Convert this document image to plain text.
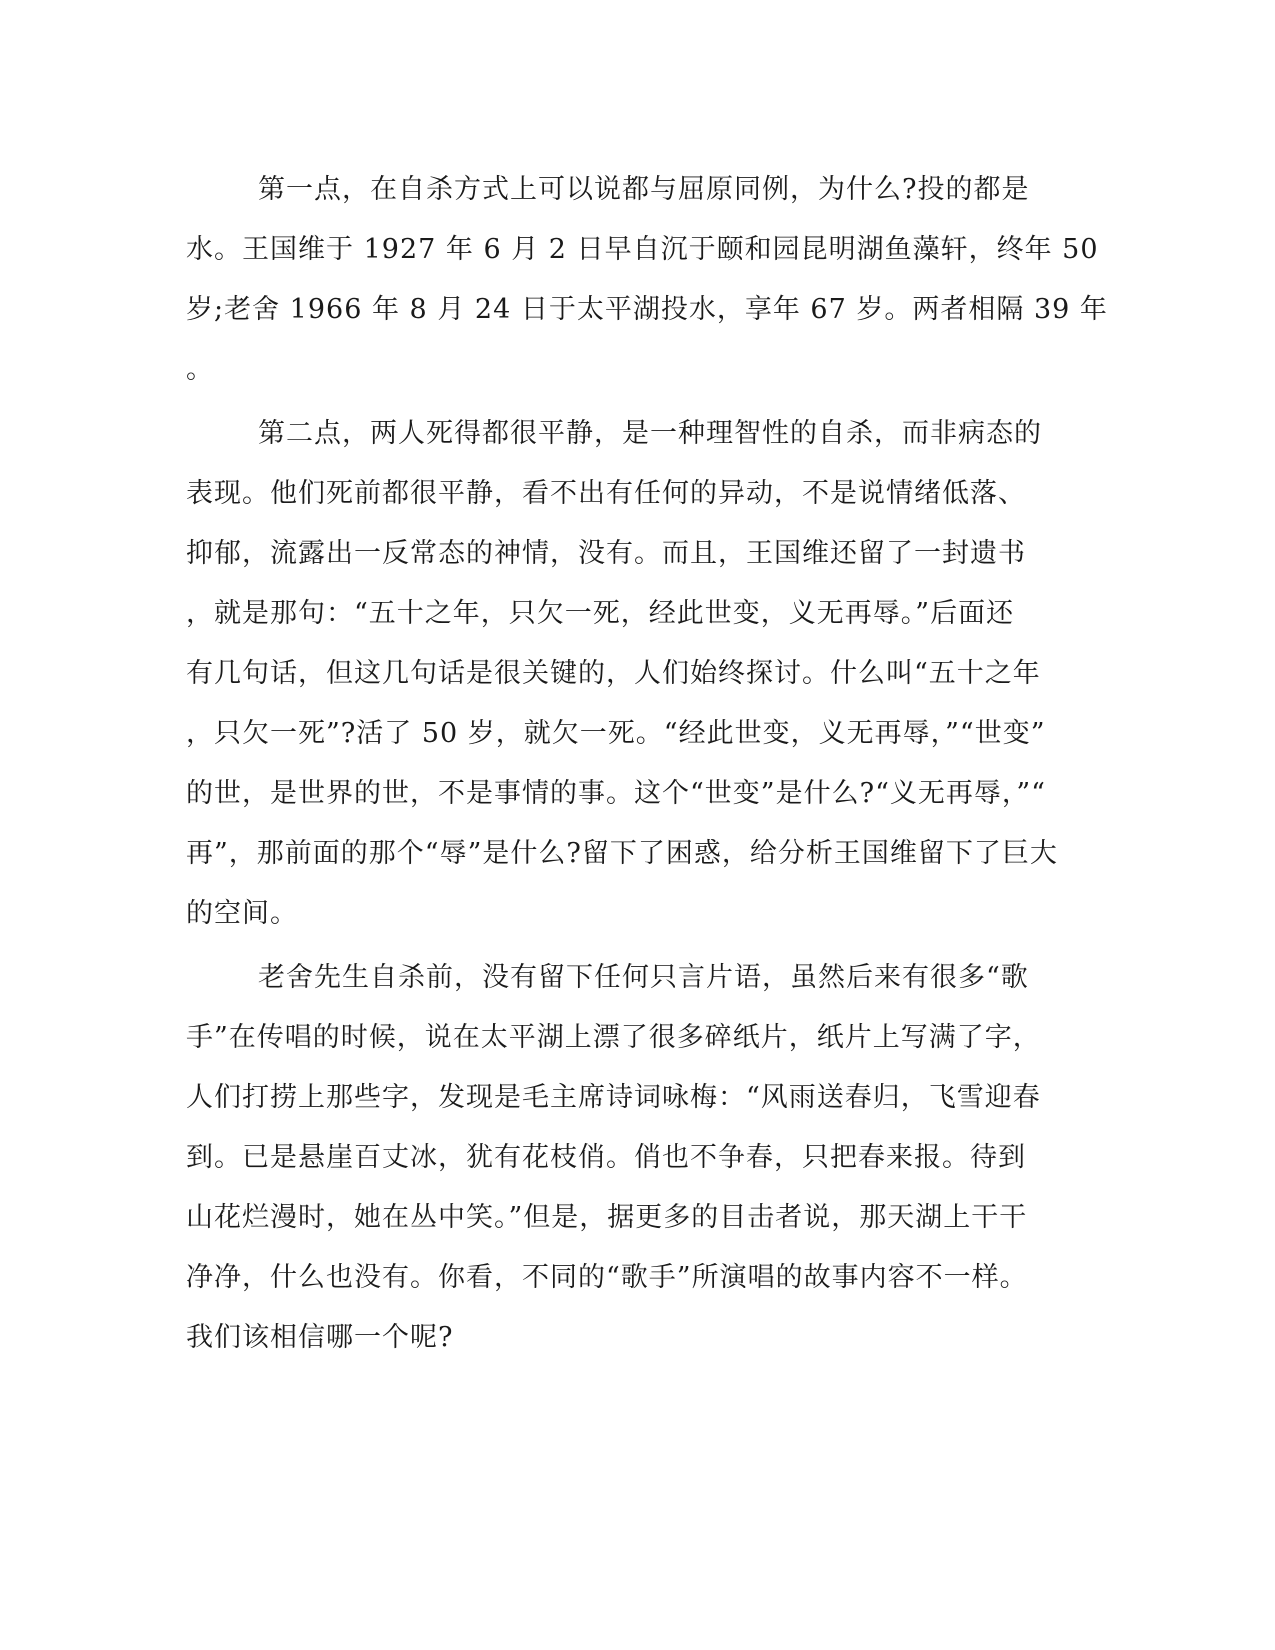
第一点，在自杀方式上可以说都与屈原同例，为什么?投的都是
水。王国维于 1927 年 6 月 2 日早自沉于颐和园昆明湖鱼藻轩，终年 50
岁;老舍 1966 年 8 月 24 日于太平湖投水，享年 67 岁。两者相隔 39 年
。
第二点，两人死得都很平静，是一种理智性的自杀，而非病态的
表现。他们死前都很平静，看不出有任何的异动，不是说情绪低落、
抑郁，流露出一反常态的神情，没有。而且，王国维还留了一封遗书
，就是那句：“五十之年，只欠一死，经此世变，义无再辱。”后面还
有几句话，但这几句话是很关键的，人们始终探讨。什么叫“五十之年
，只欠一死”?活了 50 岁，就欠一死。“经此世变，义无再辱，”“世变”
的世，是世界的世，不是事情的事。这个“世变”是什么?“义无再辱，”“
再”，那前面的那个“辱”是什么?留下了困惑，给分析王国维留下了巨大
的空间。
老舍先生自杀前，没有留下任何只言片语，虽然后来有很多“歌
手”在传唱的时候，说在太平湖上漂了很多碎纸片，纸片上写满了字，
人们打捞上那些字，发现是毛主席诗词咏梅：“风雨送春归，飞雪迎春
到。已是悬崖百丈冰，犹有花枝俏。俏也不争春，只把春来报。待到
山花烂漫时，她在丛中笑。”但是，据更多的目击者说，那天湖上干干
净净，什么也没有。你看，不同的“歌手”所演唱的故事内容不一样。
我们该相信哪一个呢?
